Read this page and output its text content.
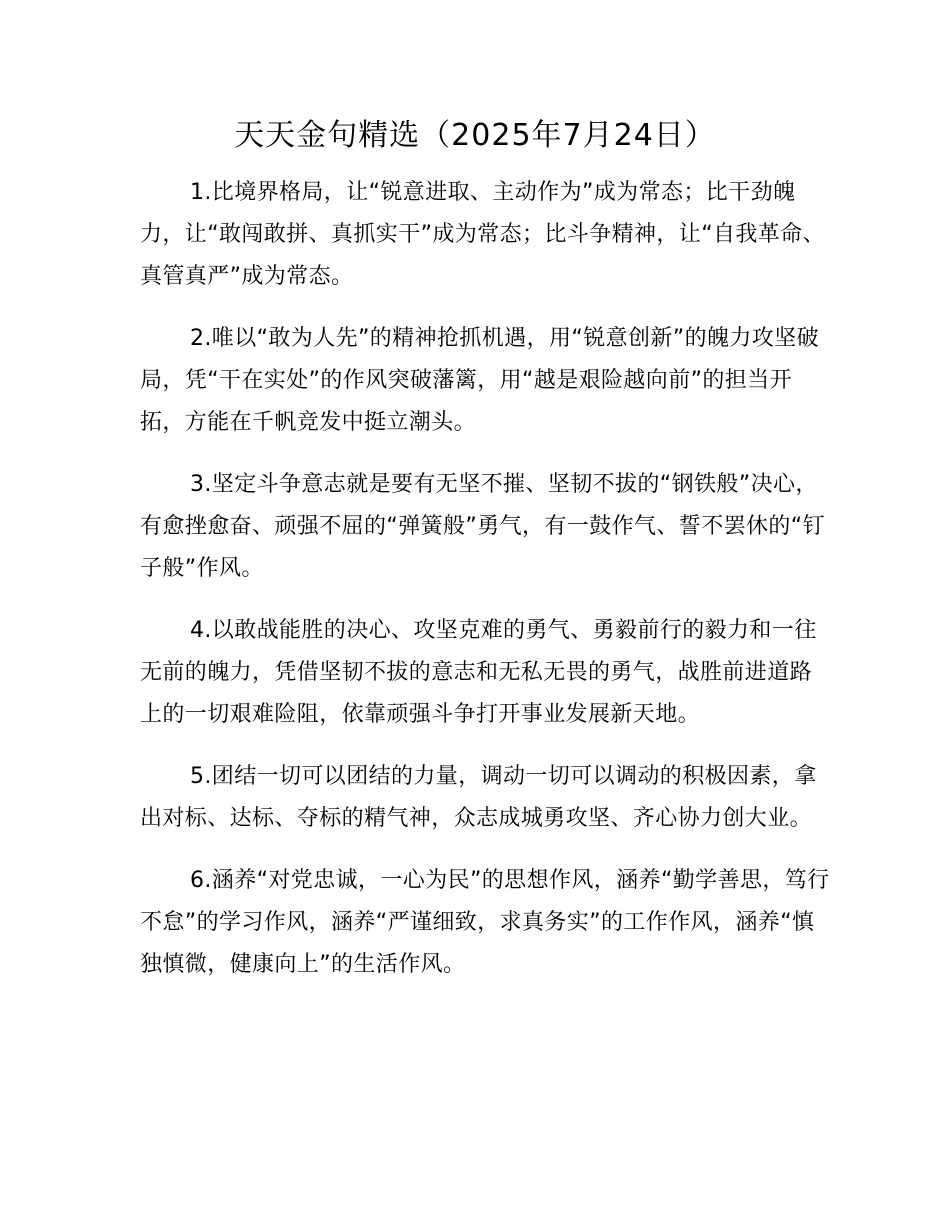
天天金句精选（2025年7月24日）

1.比境界格局，让“锐意进取、主动作为”成为常态；比干劲魄力，让“敢闯敢拼、真抓实干”成为常态；比斗争精神，让“自我革命、真管真严”成为常态。

2.唯以“敢为人先”的精神抢抓机遇，用“锐意创新”的魄力攻坚破局，凭“干在实处”的作风突破藩篱，用“越是艰险越向前”的担当开拓，方能在千帆竞发中挺立潮头。

3.坚定斗争意志就是要有无坚不摧、坚韧不拔的“钢铁般”决心，有愈挫愈奋、顽强不屈的“弹簧般”勇气，有一鼓作气、誓不罢休的“钉子般”作风。

4.以敢战能胜的决心、攻坚克难的勇气、勇毅前行的毅力和一往无前的魄力，凭借坚韧不拔的意志和无私无畏的勇气，战胜前进道路上的一切艰难险阻，依靠顽强斗争打开事业发展新天地。

5.团结一切可以团结的力量，调动一切可以调动的积极因素，拿出对标、达标、夺标的精气神，众志成城勇攻坚、齐心协力创大业。

6.涵养“对党忠诚，一心为民”的思想作风，涵养“勤学善思，笃行不怠”的学习作风，涵养“严谨细致，求真务实”的工作作风，涵养“慎独慎微，健康向上”的生活作风。
